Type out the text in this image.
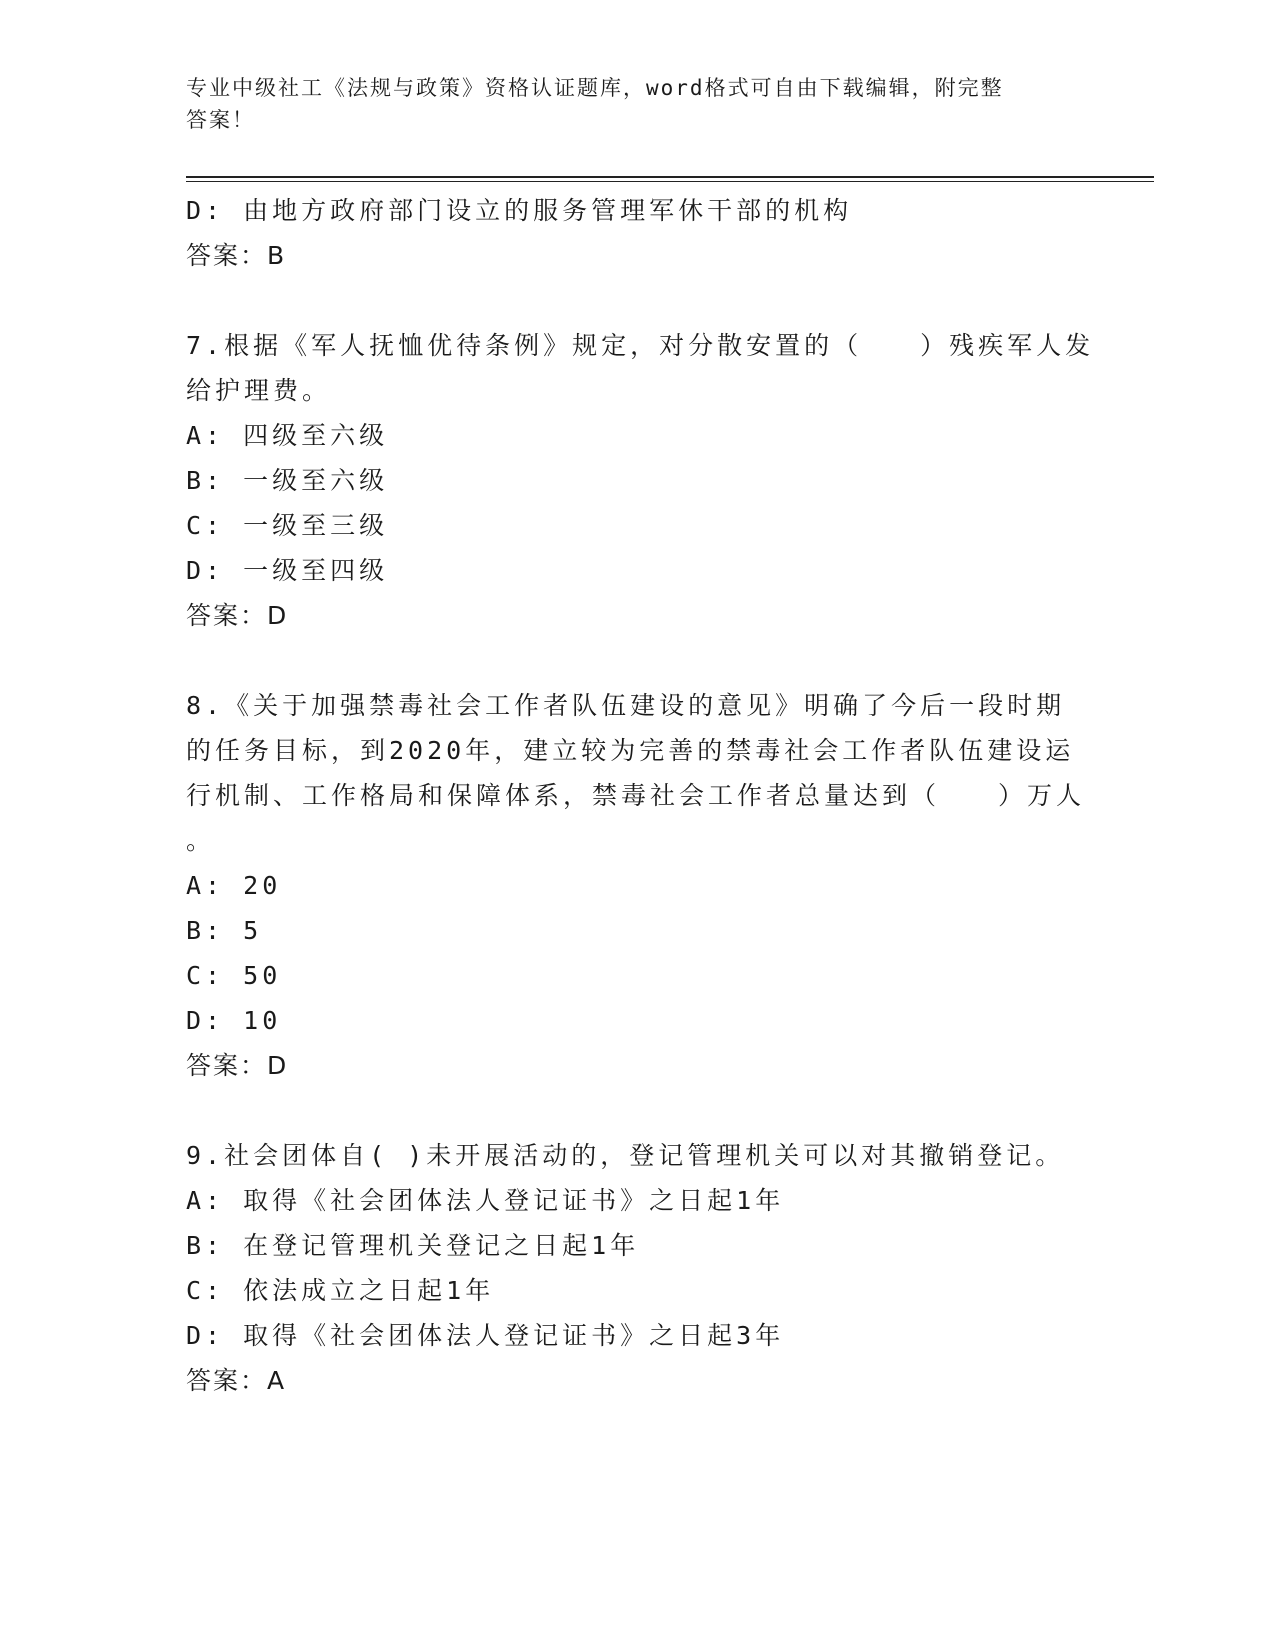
专业中级社工《法规与政策》资格认证题库，word格式可自由下载编辑，附完整
答案！
D: 由地方政府部门设立的服务管理军休干部的机构
答案：B
7.根据《军人抚恤优待条例》规定，对分散安置的（　　）残疾军人发
给护理费。
A: 四级至六级
B: 一级至六级
C: 一级至三级
D: 一级至四级
答案：D
8.《关于加强禁毒社会工作者队伍建设的意见》明确了今后一段时期
的任务目标，到2020年，建立较为完善的禁毒社会工作者队伍建设运
行机制、工作格局和保障体系，禁毒社会工作者总量达到（　　）万人
。
A: 20
B: 5
C: 50
D: 10
答案：D
9.社会团体自( )未开展活动的，登记管理机关可以对其撤销登记。
A: 取得《社会团体法人登记证书》之日起1年
B: 在登记管理机关登记之日起1年
C: 依法成立之日起1年
D: 取得《社会团体法人登记证书》之日起3年
答案：A
